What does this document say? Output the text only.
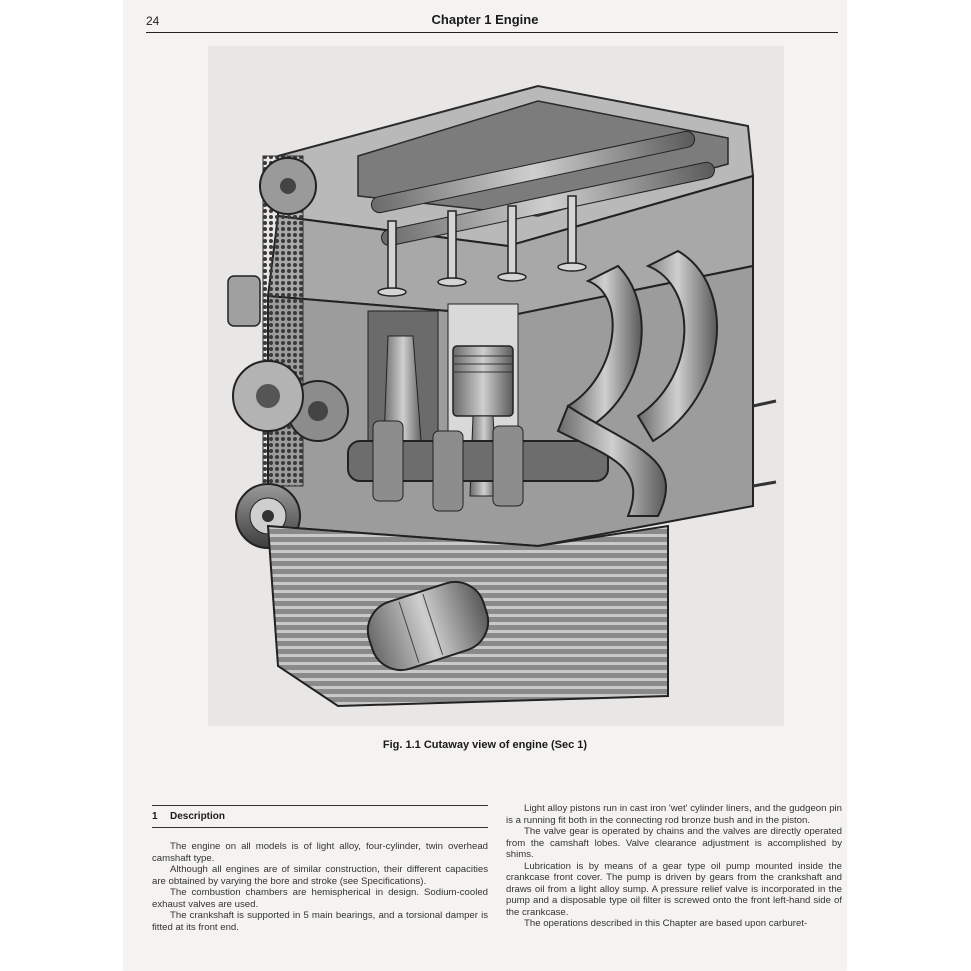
24	Chapter 1 Engine
Fig. 1.1 Cutaway view of engine (Sec 1)
1 Description

The engine on all models is of light alloy, four-cylinder, twin overhead camshaft type.

Although all engines are of similar construction, their different capacities are obtained by varying the bore and stroke (see Specifications).

The combustion chambers are hemispherical in design. Sodium-cooled exhaust valves are used.

The crankshaft is supported in 5 main bearings, and a torsional damper is fitted at its front end.

Light alloy pistons run in cast iron 'wet' cylinder liners, and the gudgeon pin is a running fit both in the connecting rod bronze bush and in the piston.

The valve gear is operated by chains and the valves are directly operated from the camshaft lobes. Valve clearance adjustment is accomplished by shims.

Lubrication is by means of a gear type oil pump mounted inside the crankcase front cover. The pump is driven by gears from the crankshaft and draws oil from a light alloy sump. A pressure relief valve is incorporated in the pump and a disposable type oil filter is screwed onto the front left-hand side of the crankcase.

The operations described in this Chapter are based upon carburet-
